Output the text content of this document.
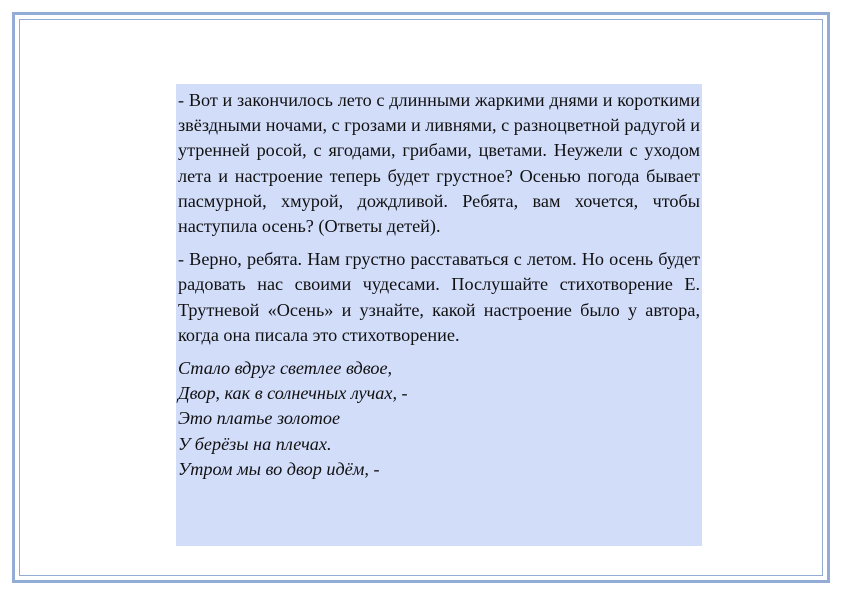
- Вот и закончилось лето с длинными жаркими днями и короткими звёздными ночами, с грозами и ливнями, с разноцветной радугой и утренней росой, с ягодами, грибами, цветами. Неужели с уходом лета и настроение теперь будет грустное? Осенью погода бывает пасмурной, хмурой, дождливой. Ребята, вам хочется, чтобы наступила осень? (Ответы детей).

- Верно, ребята. Нам грустно расставаться с летом. Но осень будет радовать нас своими чудесами. Послушайте стихотворение Е. Трутневой «Осень» и узнайте, какой настроение было у автора, когда она писала это стихотворение.

Стало вдруг светлее вдвое,
Двор, как в солнечных лучах, -
Это платье золотое
У берёзы на плечах.
Утром мы во двор идём, -
